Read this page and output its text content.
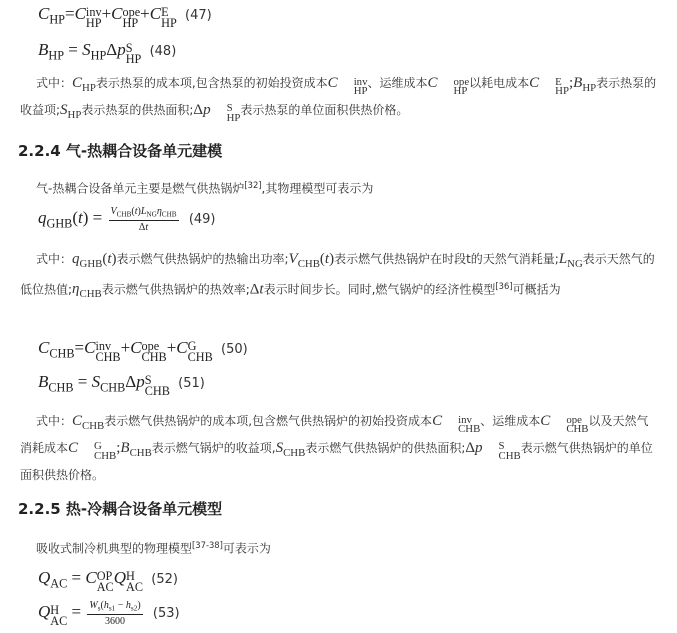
$C_{HP}=C$ inv
HP +C ope
HP +C E
HP (47)
$B_{HP} = S_{HP}\Delta p$ S
HP (48)
式中：$C_{HP}$表示热泵的成本项,包含热泵的初始投资成本C	inv
HP
、运维成本C	ope
HP
以耗电成本C	E
HP $;B_{HP}$表示热泵的收益项$;S_{HP}$表示热泵的供热面积;Δp	S
HP
表示热泵的单位面积供热价格。
2.2.4 气-热耦合设备单元建模
气-热耦合设备单元主要是燃气供热锅炉[32],其物理模型可表示为
$q_{GHB}(t) = \frac{V_{CHB}(t)L_{NG}\eta_{CHB}}{\Delta t} (49)$
式中：$q_{GHB}(t)$表示燃气供热锅炉的热输出功率$;V_{CHB}(t)$表示燃气供热锅炉在时段t的天然气消耗量$;L_{NG}$表示天然气的低位热值$;\eta_{CHB}$表示燃气供热锅炉的热效率;Δt表示时间步长。同时,燃气锅炉的经济性模型[36]可概括为
$C_{CHB}=C$ inv
CHB +C ope
CHB +C G
CHB (50)
$B_{CHB} = S_{CHB}\Delta p$ S
CHB (51)
式中：$C_{CHB}$表示燃气供热锅炉的成本项,包含燃气供热锅炉的初始投资成本C	inv
CHB
、运维成本C	ope
CHB
以及天然气消耗成本C	G
CHB $;B_{CHB}$表示燃气锅炉的收益项$,S_{CHB}$表示燃气供热锅炉的供热面积;Δp	S
CHB
表示燃气供热锅炉的单位面积供热价格。
2.2.5 热-冷耦合设备单元模型
吸收式制冷机典型的物理模型[37-38]可表示为
$Q_{AC} = C$ OP
AC Q H
AC (52)
Q H
AC = $\frac{W_s(h_{s1} - h_{s2})}{3600} (53)$
